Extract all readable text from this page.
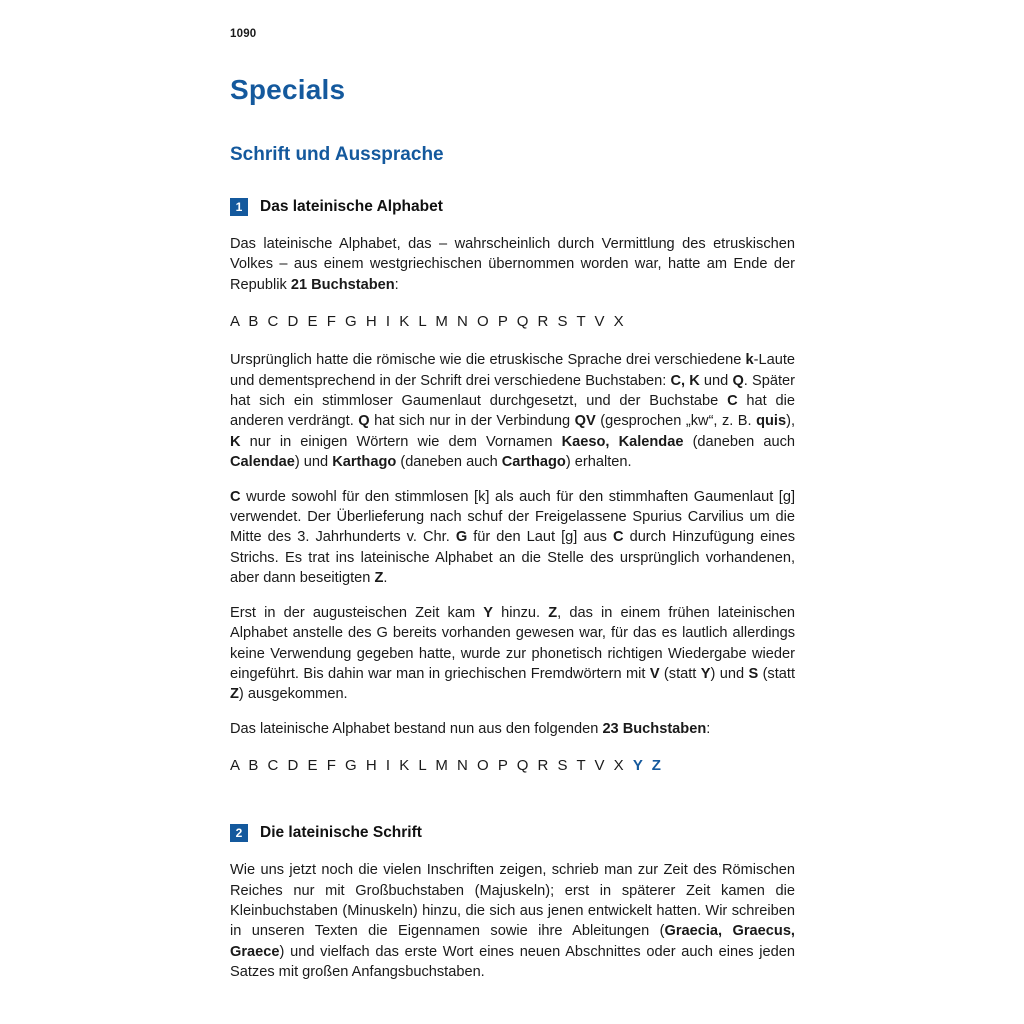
1090
Specials
Schrift und Aussprache
1	Das lateinische Alphabet

Das lateinische Alphabet, das – wahrscheinlich durch Vermittlung des etruskischen Volkes – aus einem westgriechischen übernommen worden war, hatte am Ende der Republik 21 Buchstaben:

A B C D E F G H I K L M N O P Q R S T V X

Ursprünglich hatte die römische wie die etruskische Sprache drei verschiedene k-Laute und dementsprechend in der Schrift drei verschiedene Buchstaben: C, K und Q. Später hat sich ein stimmloser Gaumenlaut durchgesetzt, und der Buchstabe C hat die anderen verdrängt. Q hat sich nur in der Verbindung QV (gesprochen „kw“, z. B. quis), K nur in einigen Wörtern wie dem Vornamen Kaeso, Kalendae (daneben auch Calendae) und Karthago (daneben auch Carthago) erhalten.

C wurde sowohl für den stimmlosen [k] als auch für den stimmhaften Gaumenlaut [g] verwendet. Der Überlieferung nach schuf der Freigelassene Spurius Carvilius um die Mitte des 3. Jahrhunderts v. Chr. G für den Laut [g] aus C durch Hinzufügung eines Strichs. Es trat ins lateinische Alphabet an die Stelle des ursprünglich vorhandenen, aber dann beseitigten Z.

Erst in der augusteischen Zeit kam Y hinzu. Z, das in einem frühen lateinischen Alphabet anstelle des G bereits vorhanden gewesen war, für das es lautlich allerdings keine Verwendung gegeben hatte, wurde zur phonetisch richtigen Wiedergabe wieder eingeführt. Bis dahin war man in griechischen Fremdwörtern mit V (statt Y) und S (statt Z) ausgekommen.

Das lateinische Alphabet bestand nun aus den folgenden 23 Buchstaben:

A B C D E F G H I K L M N O P Q R S T V X Y Z

2	Die lateinische Schrift

Wie uns jetzt noch die vielen Inschriften zeigen, schrieb man zur Zeit des Römischen Reiches nur mit Großbuchstaben (Majuskeln); erst in späterer Zeit kamen die Kleinbuchstaben (Minuskeln) hinzu, die sich aus jenen entwickelt hatten. Wir schreiben in unseren Texten die Eigennamen sowie ihre Ableitungen (Graecia, Graecus, Graece) und vielfach das erste Wort eines neuen Abschnittes oder auch eines jeden Satzes mit großen Anfangsbuchstaben.
